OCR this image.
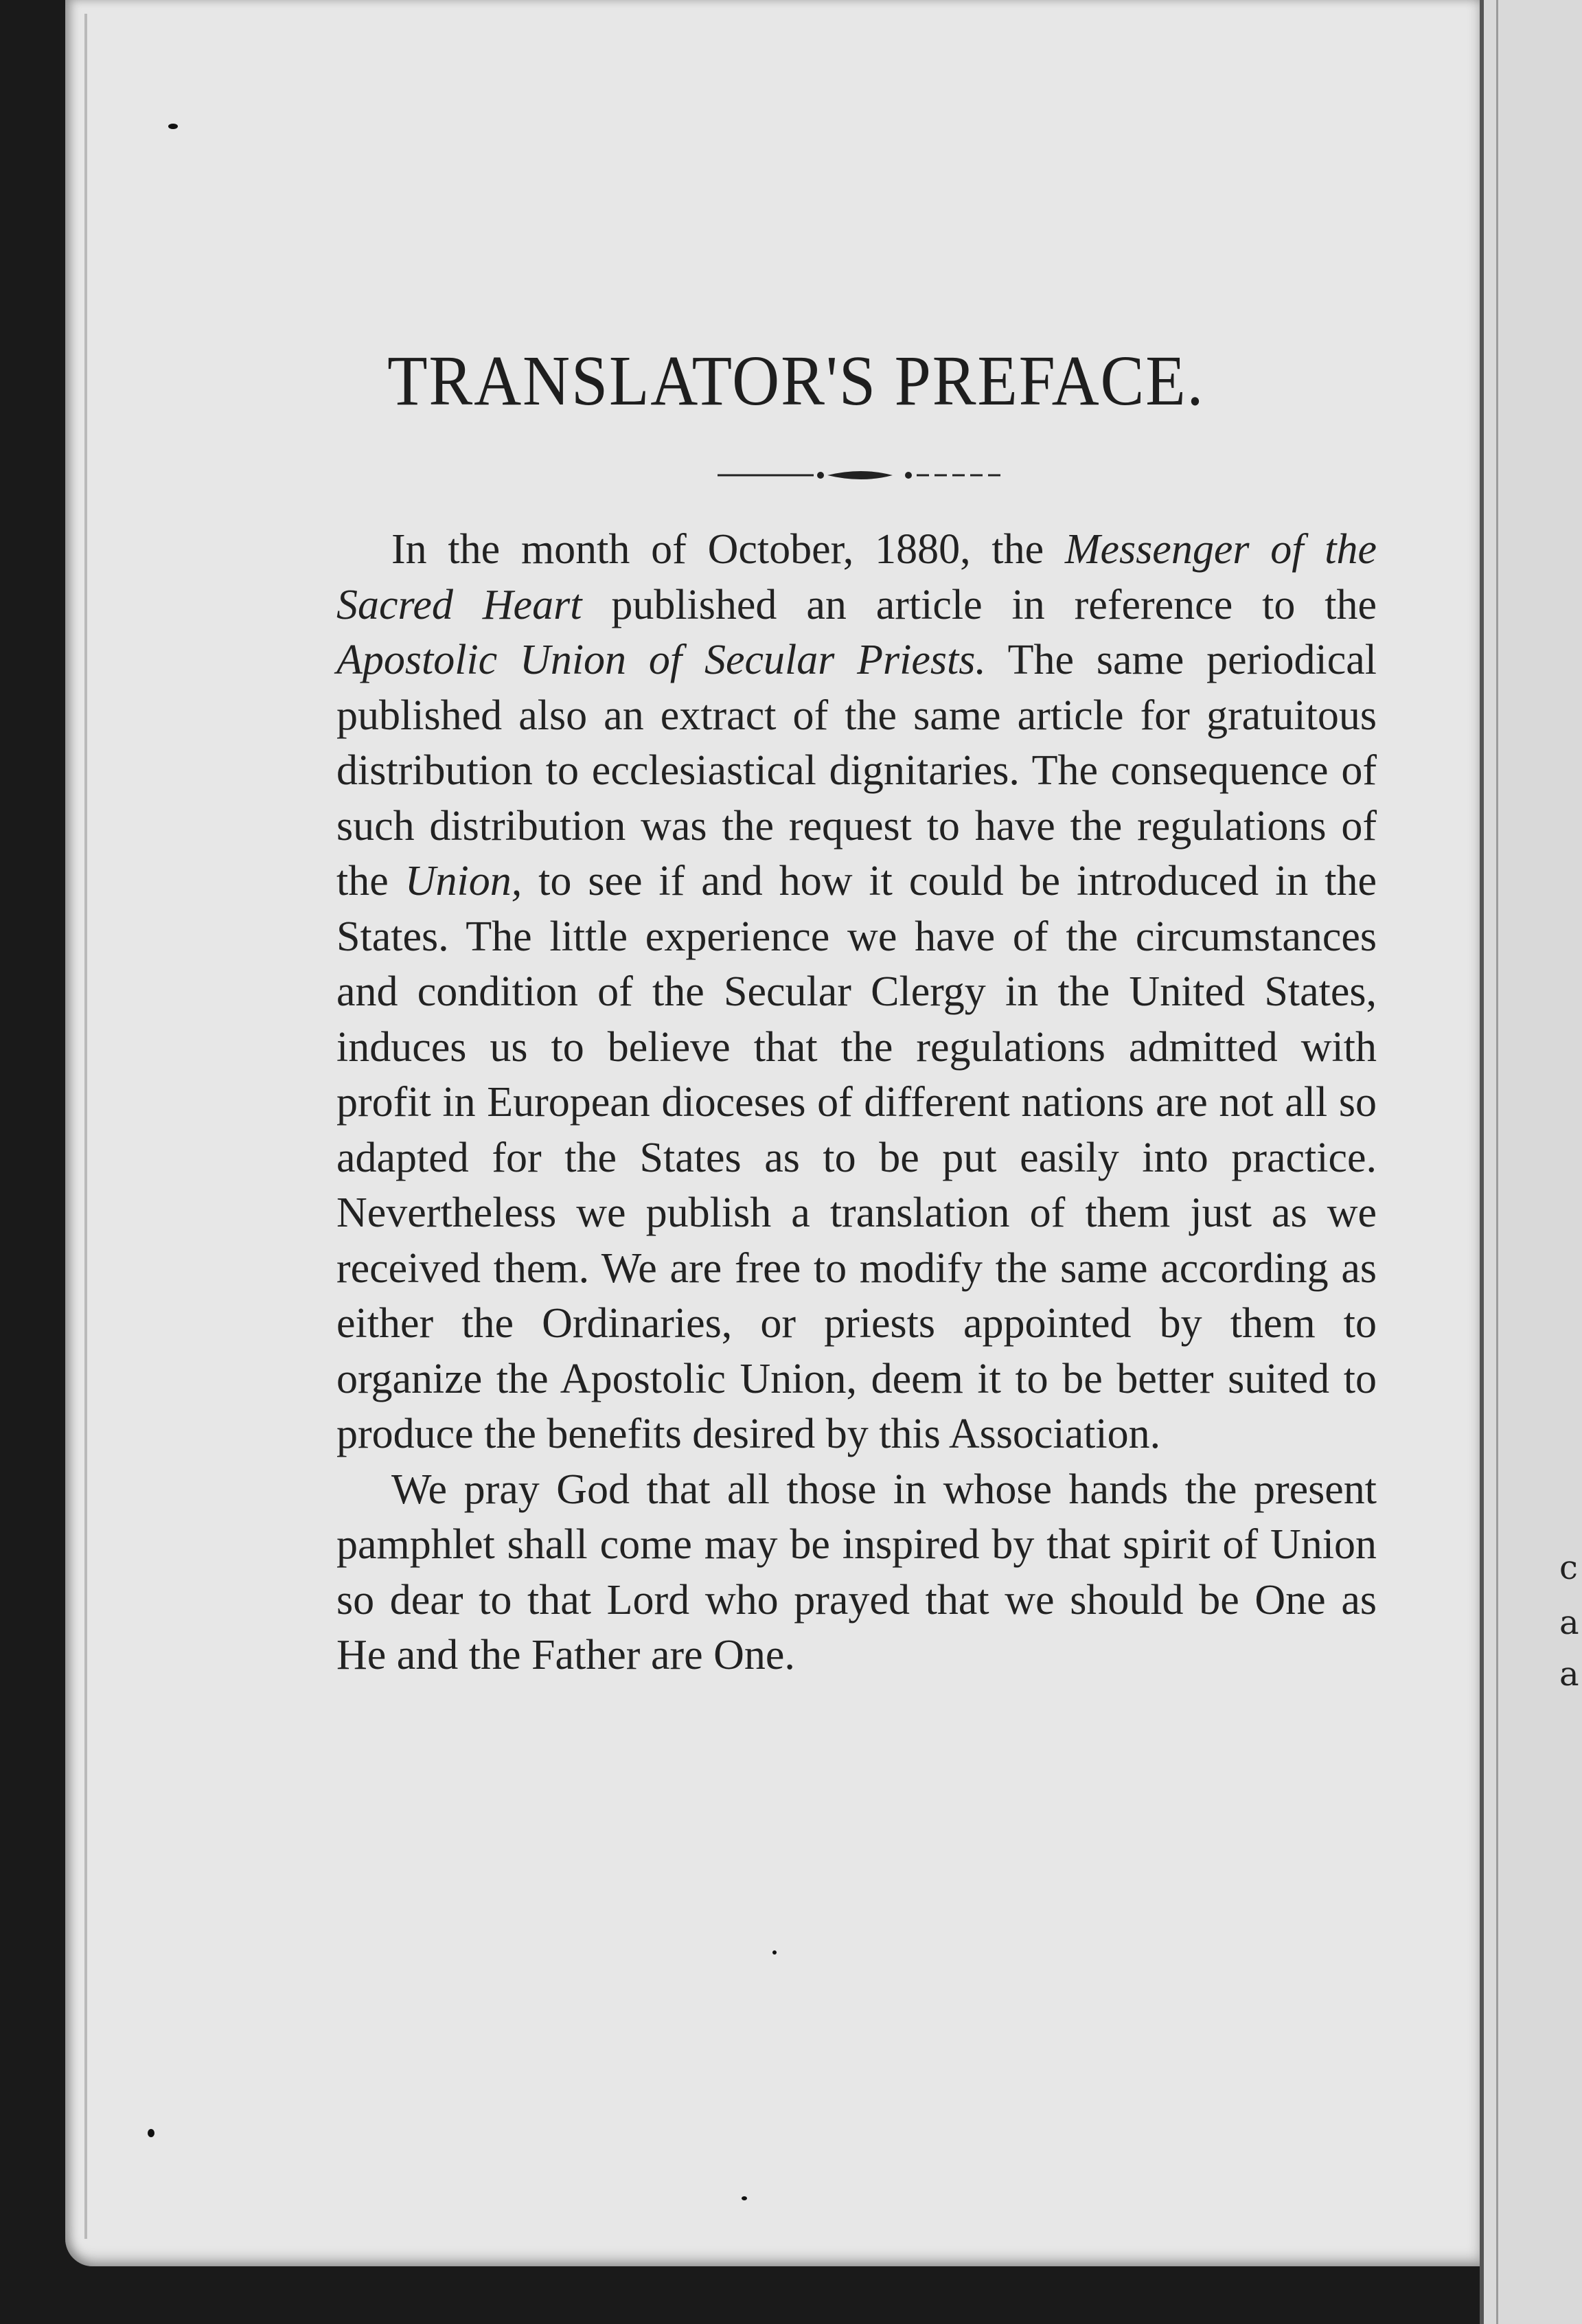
c
a
a
TRANSLATOR'S PREFACE.

In the month of October, 1880, the Messenger of the Sacred Heart published an article in reference to the Apostolic Union of Secular Priests. The same periodical published also an extract of the same article for gratuitous distribution to ecclesiastical dignitaries. The consequence of such distribution was the request to have the regulations of the Union, to see if and how it could be introduced in the States. The little experience we have of the circumstances and condition of the Secular Clergy in the United States, induces us to believe that the regulations admitted with profit in European dioceses of different nations are not all so adapted for the States as to be put easily into practice. Nevertheless we publish a translation of them just as we received them. We are free to modify the same according as either the Ordinaries, or priests appointed by them to organize the Apostolic Union, deem it to be better suited to produce the benefits desired by this Association.

We pray God that all those in whose hands the present pamphlet shall come may be inspired by that spirit of Union so dear to that Lord who prayed that we should be One as He and the Father are One.
